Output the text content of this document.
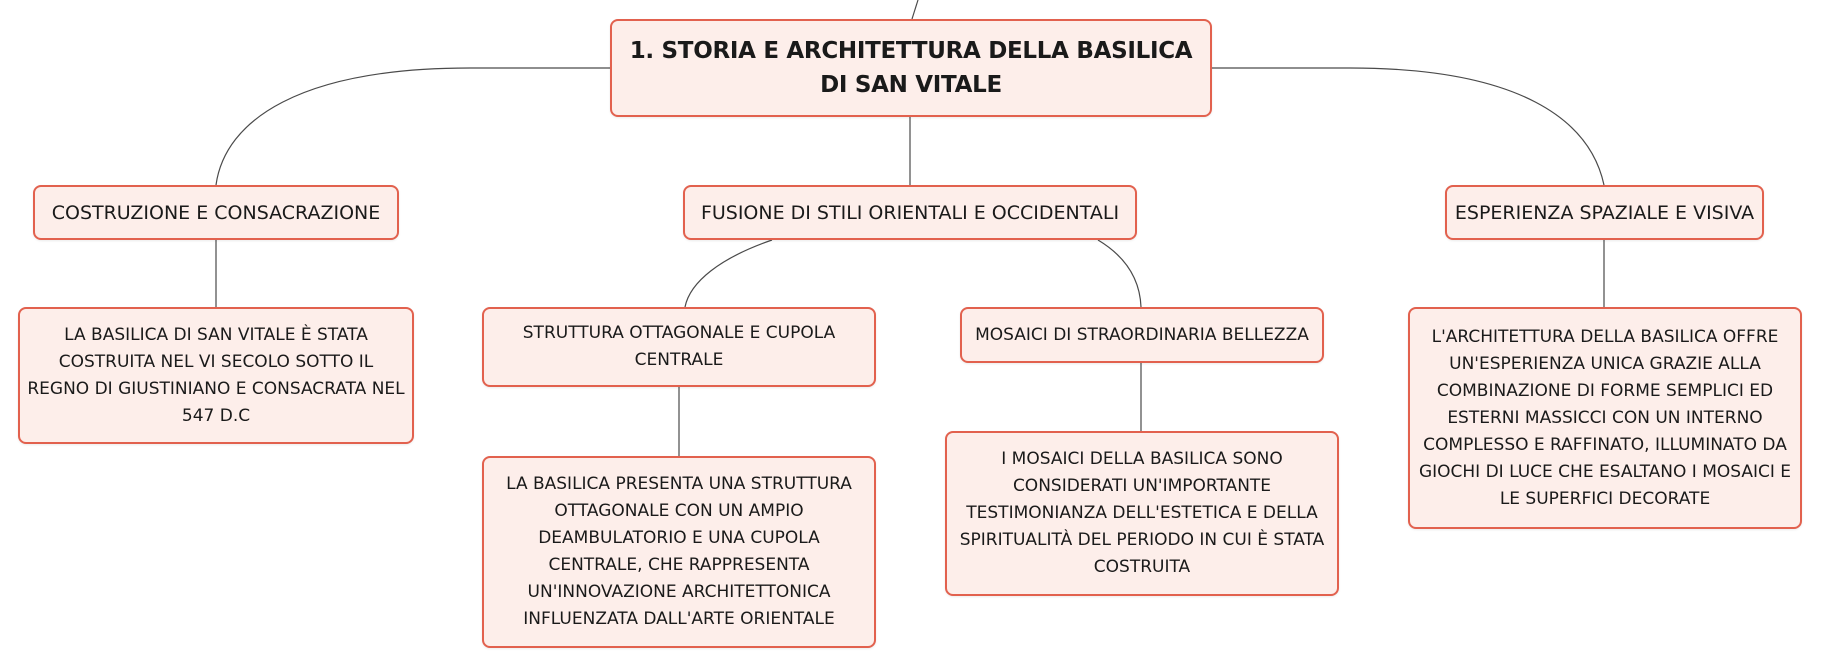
1. STORIA E ARCHITETTURA DELLA BASILICA DI SAN VITALE
COSTRUZIONE E CONSACRAZIONE	FUSIONE DI STILI ORIENTALI E OCCIDENTALI	ESPERIENZA SPAZIALE E VISIVA
STRUTTURA OTTAGONALE E CUPOLA CENTRALE
MOSAICI DI STRAORDINARIA BELLEZZA
LA BASILICA DI SAN VITALE È STATA COSTRUITA NEL VI SECOLO SOTTO IL REGNO DI GIUSTINIANO E CONSACRATA NEL 547 D.C
LA BASILICA PRESENTA UNA STRUTTURA OTTAGONALE CON UN AMPIO DEAMBULATORIO E UNA CUPOLA CENTRALE, CHE RAPPRESENTA UN'INNOVAZIONE ARCHITETTONICA INFLUENZATA DALL'ARTE ORIENTALE
I MOSAICI DELLA BASILICA SONO CONSIDERATI UN'IMPORTANTE TESTIMONIANZA DELL'ESTETICA E DELLA SPIRITUALITÀ DEL PERIODO IN CUI È STATA COSTRUITA
L'ARCHITETTURA DELLA BASILICA OFFRE UN'ESPERIENZA UNICA GRAZIE ALLA COMBINAZIONE DI FORME SEMPLICI ED ESTERNI MASSICCI CON UN INTERNO COMPLESSO E RAFFINATO, ILLUMINATO DA GIOCHI DI LUCE CHE ESALTANO I MOSAICI E LE SUPERFICI DECORATE
